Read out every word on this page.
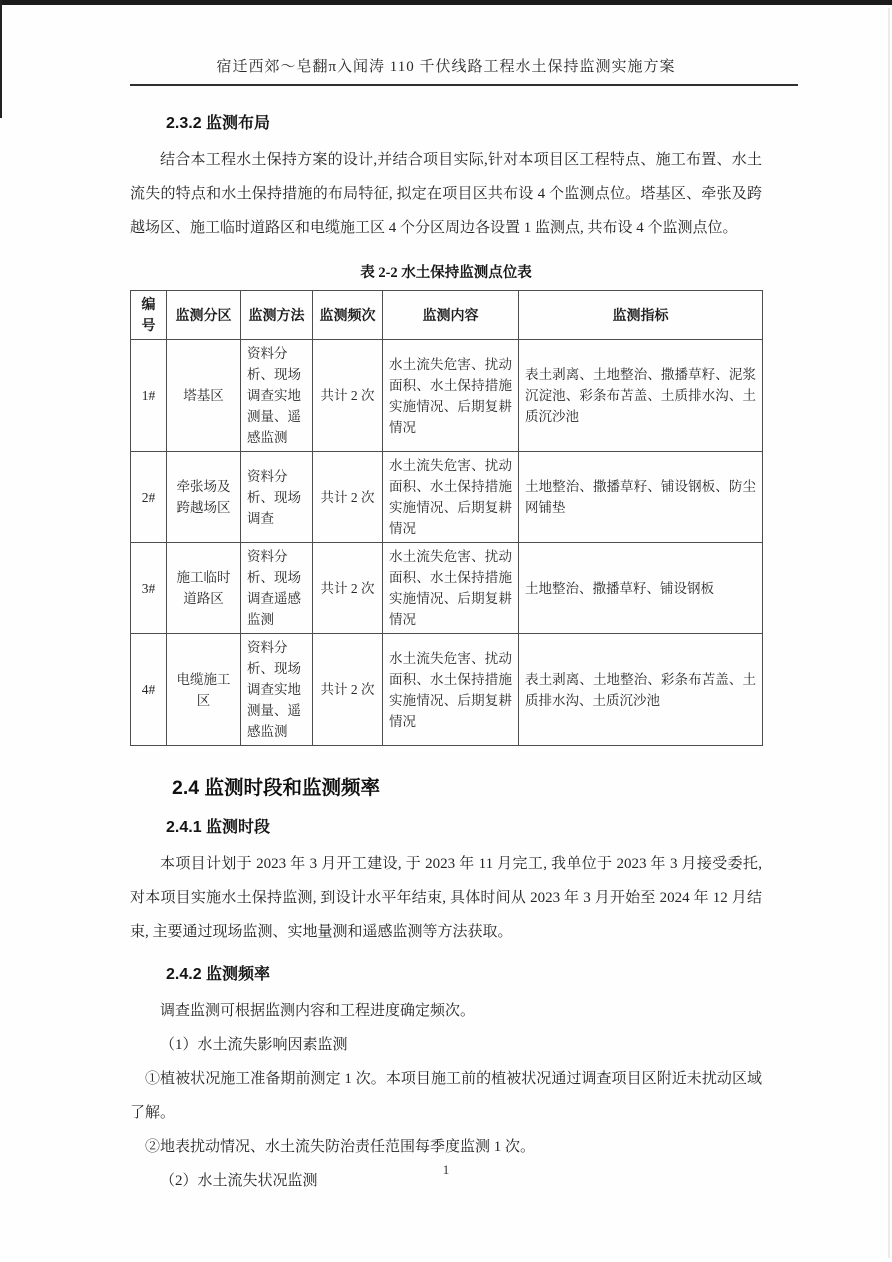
宿迁西郊～皂翻π入闻涛 110 千伏线路工程水土保持监测实施方案
2.3.2 监测布局
结合本工程水土保持方案的设计,并结合项目实际,针对本项目区工程特点、施工布置、水土流失的特点和水土保持措施的布局特征, 拟定在项目区共布设 4 个监测点位。塔基区、牵张及跨越场区、施工临时道路区和电缆施工区 4 个分区周边各设置 1 监测点, 共布设 4 个监测点位。
表 2-2 水土保持监测点位表
编 号	监测分区	监测方法	监测频次	监测内容	监测指标
1#	塔基区	资料分析、现场调查实地测量、遥感监测	共计 2 次	水土流失危害、扰动面积、水土保持措施实施情况、后期复耕情况	表土剥离、土地整治、撒播草籽、泥浆沉淀池、彩条布苫盖、土质排水沟、土质沉沙池
2#	牵张场及跨越场区	资料分析、现场调查	共计 2 次	水土流失危害、扰动面积、水土保持措施实施情况、后期复耕情况	土地整治、撒播草籽、铺设钢板、防尘网铺垫
3#	施工临时道路区	资料分析、现场调查遥感监测	共计 2 次	水土流失危害、扰动面积、水土保持措施实施情况、后期复耕情况	土地整治、撒播草籽、铺设钢板
4#	电缆施工区	资料分析、现场调查实地测量、遥感监测	共计 2 次	水土流失危害、扰动面积、水土保持措施实施情况、后期复耕情况	表土剥离、土地整治、彩条布苫盖、土质排水沟、土质沉沙池
2.4 监测时段和监测频率
2.4.1 监测时段
本项目计划于 2023 年 3 月开工建设, 于 2023 年 11 月完工, 我单位于 2023 年 3 月接受委托, 对本项目实施水土保持监测, 到设计水平年结束, 具体时间从 2023 年 3 月开始至 2024 年 12 月结束, 主要通过现场监测、实地量测和遥感监测等方法获取。
2.4.2 监测频率
调查监测可根据监测内容和工程进度确定频次。
（1）水土流失影响因素监测
①植被状况施工准备期前测定 1 次。本项目施工前的植被状况通过调查项目区附近未扰动区域了解。
②地表扰动情况、水土流失防治责任范围每季度监测 1 次。
（2）水土流失状况监测
1
